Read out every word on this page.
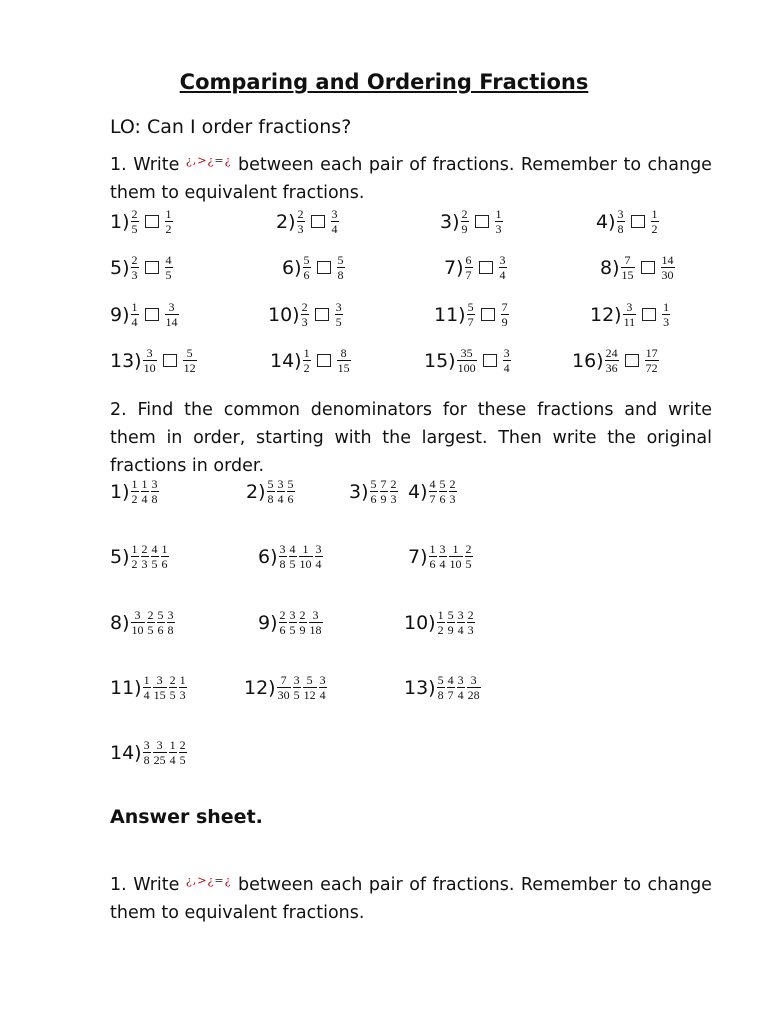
Comparing and Ordering Fractions
LO: Can I order fractions?
1. Write ¿,>¿=¿ between each pair of fractions. Remember to change them to equivalent fractions.
$1) \frac{2}{5} \frac{1}{2}$	$2) \frac{2}{3} \frac{3}{4}$	$3) \frac{2}{9} \frac{1}{3}$	$4) \frac{3}{8} \frac{1}{2}$
$5) \frac{2}{3} \frac{4}{5}$	$6) \frac{5}{6} \frac{5}{8}$	$7) \frac{6}{7} \frac{3}{4}$	$8) \frac{7}{15} \frac{14}{30}$
$9) \frac{1}{4} \frac{3}{14}$	$10) \frac{2}{3} \frac{3}{5}$	$11) \frac{5}{7} \frac{7}{9}$	$12) \frac{3}{11} \frac{1}{3}$
$13) \frac{3}{10} \frac{5}{12}$	$14) \frac{1}{2} \frac{8}{15}$	$15) \frac{35}{100} \frac{3}{4}$	$16) \frac{24}{36} \frac{17}{72}$
2. Find the common denominators for these fractions and write them in order, starting with the largest. Then write the original fractions in order.
$1) \frac{1}{2} \frac{1}{4} \frac{3}{8}$	$2) \frac{5}{8} \frac{3}{4} \frac{5}{6}$	$3) \frac{5}{6} \frac{7}{9} \frac{2}{3} 4) \frac{4}{7} \frac{5}{6} \frac{2}{3}$
$5) \frac{1}{2} \frac{2}{3} \frac{4}{5} \frac{1}{6}$	$6) \frac{3}{8} \frac{4}{5} \frac{1}{10} \frac{3}{4}$	$7) \frac{1}{6} \frac{3}{4} \frac{1}{10} \frac{2}{5}$
$8) \frac{3}{10} \frac{2}{5} \frac{5}{6} \frac{3}{8}$	$9) \frac{2}{6} \frac{3}{5} \frac{2}{9} \frac{3}{18}$	$10) \frac{1}{2} \frac{5}{9} \frac{3}{4} \frac{2}{3}$
$11) \frac{1}{4} \frac{3}{15} \frac{2}{5} \frac{1}{3}$	$12) \frac{7}{30} \frac{3}{5} \frac{5}{12} \frac{3}{4}$	$13) \frac{5}{8} \frac{4}{7} \frac{3}{4} \frac{3}{28}$
$14) \frac{3}{8} \frac{3}{25} \frac{1}{4} \frac{2}{5}$
Answer sheet.
1. Write ¿,>¿=¿ between each pair of fractions. Remember to change them to equivalent fractions.
